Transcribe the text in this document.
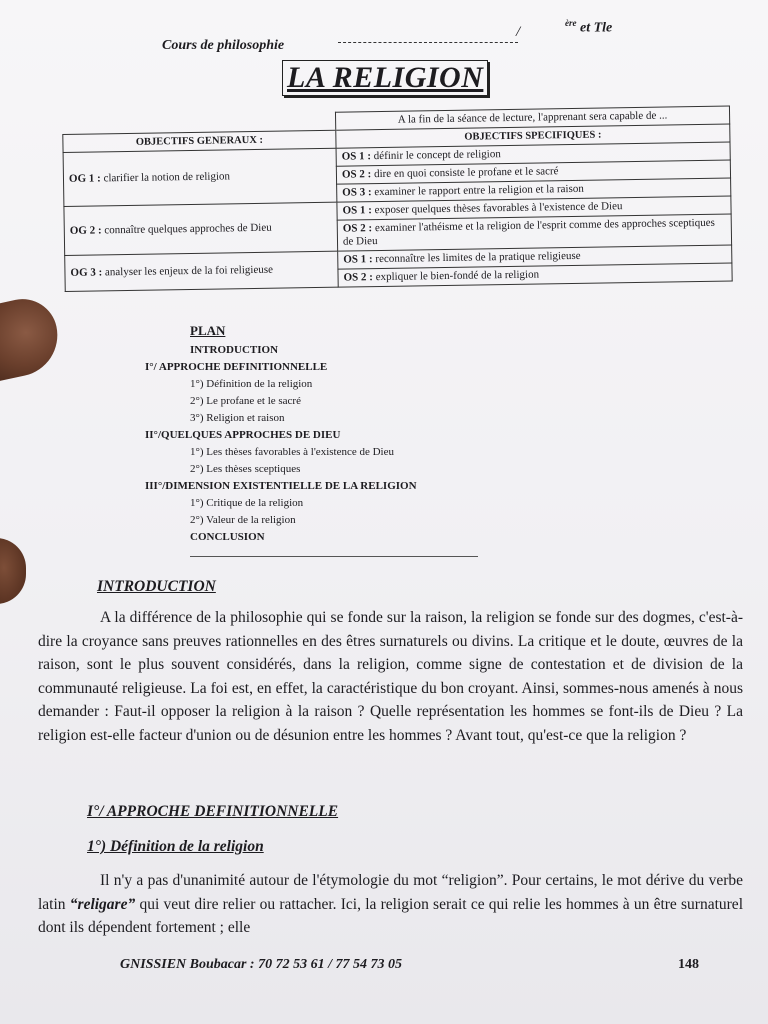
Cours de philosophie
/
$^{ère}$ et Tle
LA RELIGION
	A la fin de la séance de lecture, l'apprenant sera capable de ...
OBJECTIFS GENERAUX :	OBJECTIFS SPECIFIQUES :
OG 1 : clarifier la notion de religion	OS 1 : définir le concept de religion
	OS 2 : dire en quoi consiste le profane et le sacré
	OS 3 : examiner le rapport entre la religion et la raison
OG 2 : connaître quelques approches de Dieu	OS 1 : exposer quelques thèses favorables à l'existence de Dieu
	OS 2 : examiner l'athéisme et la religion de l'esprit comme des approches sceptiques de Dieu
OG 3 : analyser les enjeux de la foi religieuse	OS 1 : reconnaître les limites de la pratique religieuse
	OS 2 : expliquer le bien-fondé de la religion
PLAN
INTRODUCTION
I°/ APPROCHE DEFINITIONNELLE
1°) Définition de la religion
2°) Le profane et le sacré
3°) Religion et raison
II°/QUELQUES APPROCHES DE DIEU
1°) Les thèses favorables à l'existence de Dieu
2°) Les thèses sceptiques
III°/DIMENSION EXISTENTIELLE DE LA RELIGION
1°) Critique de la religion
2°) Valeur de la religion
CONCLUSION
INTRODUCTION
A la différence de la philosophie qui se fonde sur la raison, la religion se fonde sur des dogmes, c'est-à-dire la croyance sans preuves rationnelles en des êtres surnaturels ou divins. La critique et le doute, œuvres de la raison, sont le plus souvent considérés, dans la religion, comme signe de contestation et de division de la communauté religieuse. La foi est, en effet, la caractéristique du bon croyant. Ainsi, sommes-nous amenés à nous demander : Faut-il opposer la religion à la raison ? Quelle représentation les hommes se font-ils de Dieu ? La religion est-elle facteur d'union ou de désunion entre les hommes ? Avant tout, qu'est-ce que la religion ?
I°/ APPROCHE DEFINITIONNELLE
1°) Définition de la religion
Il n'y a pas d'unanimité autour de l'étymologie du mot “religion”. Pour certains, le mot dérive du verbe latin “religare” qui veut dire relier ou rattacher. Ici, la religion serait ce qui relie les hommes à un être surnaturel dont ils dépendent fortement ; elle
GNISSIEN Boubacar : 70 72 53 61 / 77 54 73 05	148
